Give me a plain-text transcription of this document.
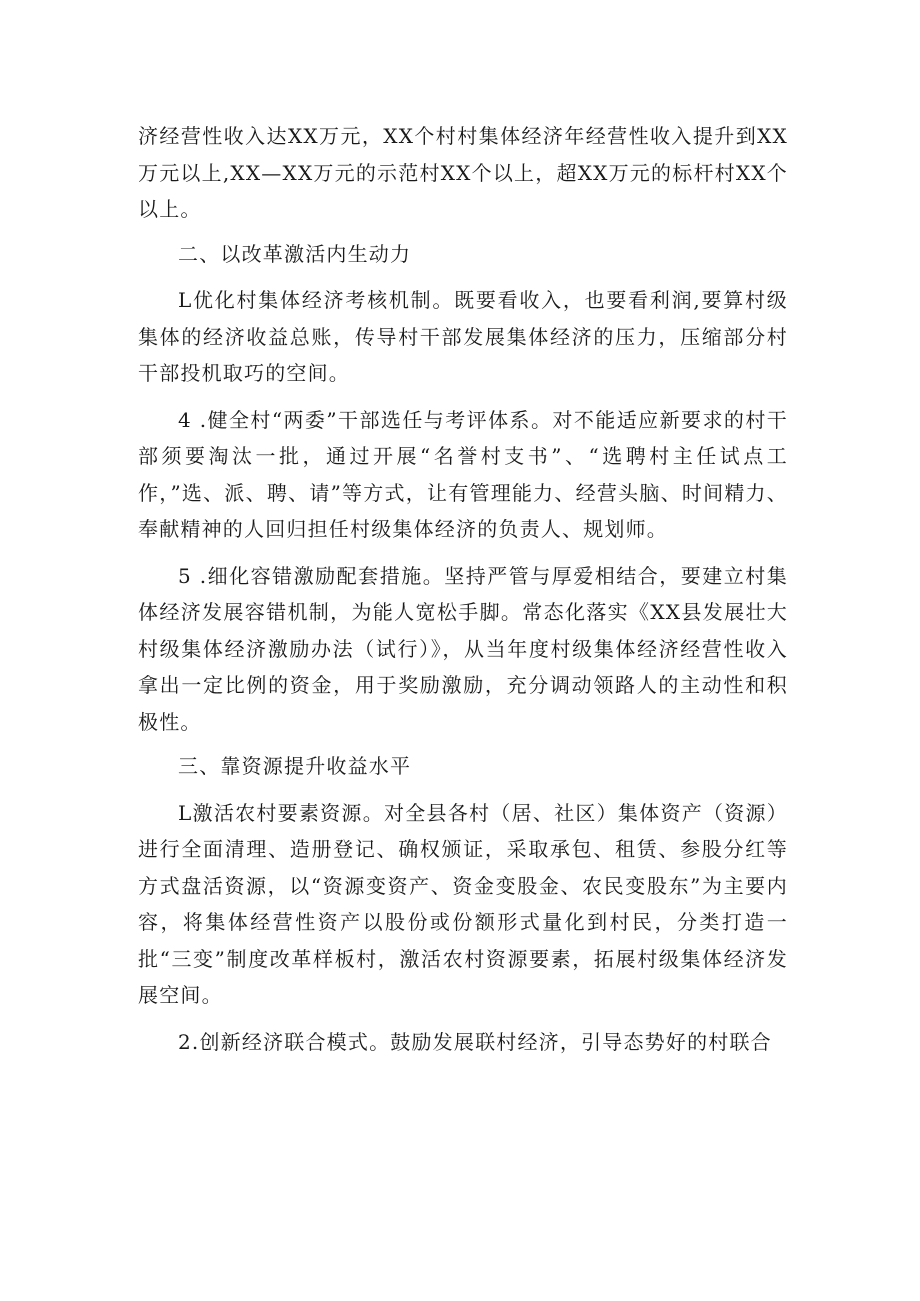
济经营性收入达XX万元，XX个村村集体经济年经营性收入提升到XX万元以上,XX—XX万元的示范村XX个以上，超XX万元的标杆村XX个以上。

二、以改革激活内生动力

L优化村集体经济考核机制。既要看收入，也要看利润,要算村级集体的经济收益总账，传导村干部发展集体经济的压力，压缩部分村干部投机取巧的空间。

4 .健全村“两委”干部选任与考评体系。对不能适应新要求的村干部须要淘汰一批，通过开展“名誉村支书”、“选聘村主任试点工作，”选、派、聘、请”等方式，让有管理能力、经营头脑、时间精力、奉献精神的人回归担任村级集体经济的负责人、规划师。

5 .细化容错激励配套措施。坚持严管与厚爱相结合，要建立村集体经济发展容错机制，为能人宽松手脚。常态化落实《XX县发展壮大村级集体经济激励办法（试行）》，从当年度村级集体经济经营性收入拿出一定比例的资金，用于奖励激励，充分调动领路人的主动性和积极性。

三、靠资源提升收益水平

L激活农村要素资源。对全县各村（居、社区）集体资产（资源）进行全面清理、造册登记、确权颁证，采取承包、租赁、参股分红等方式盘活资源，以“资源变资产、资金变股金、农民变股东”为主要内容，将集体经营性资产以股份或份额形式量化到村民，分类打造一批“三变”制度改革样板村，激活农村资源要素，拓展村级集体经济发展空间。

2.创新经济联合模式。鼓励发展联村经济，引导态势好的村联合
